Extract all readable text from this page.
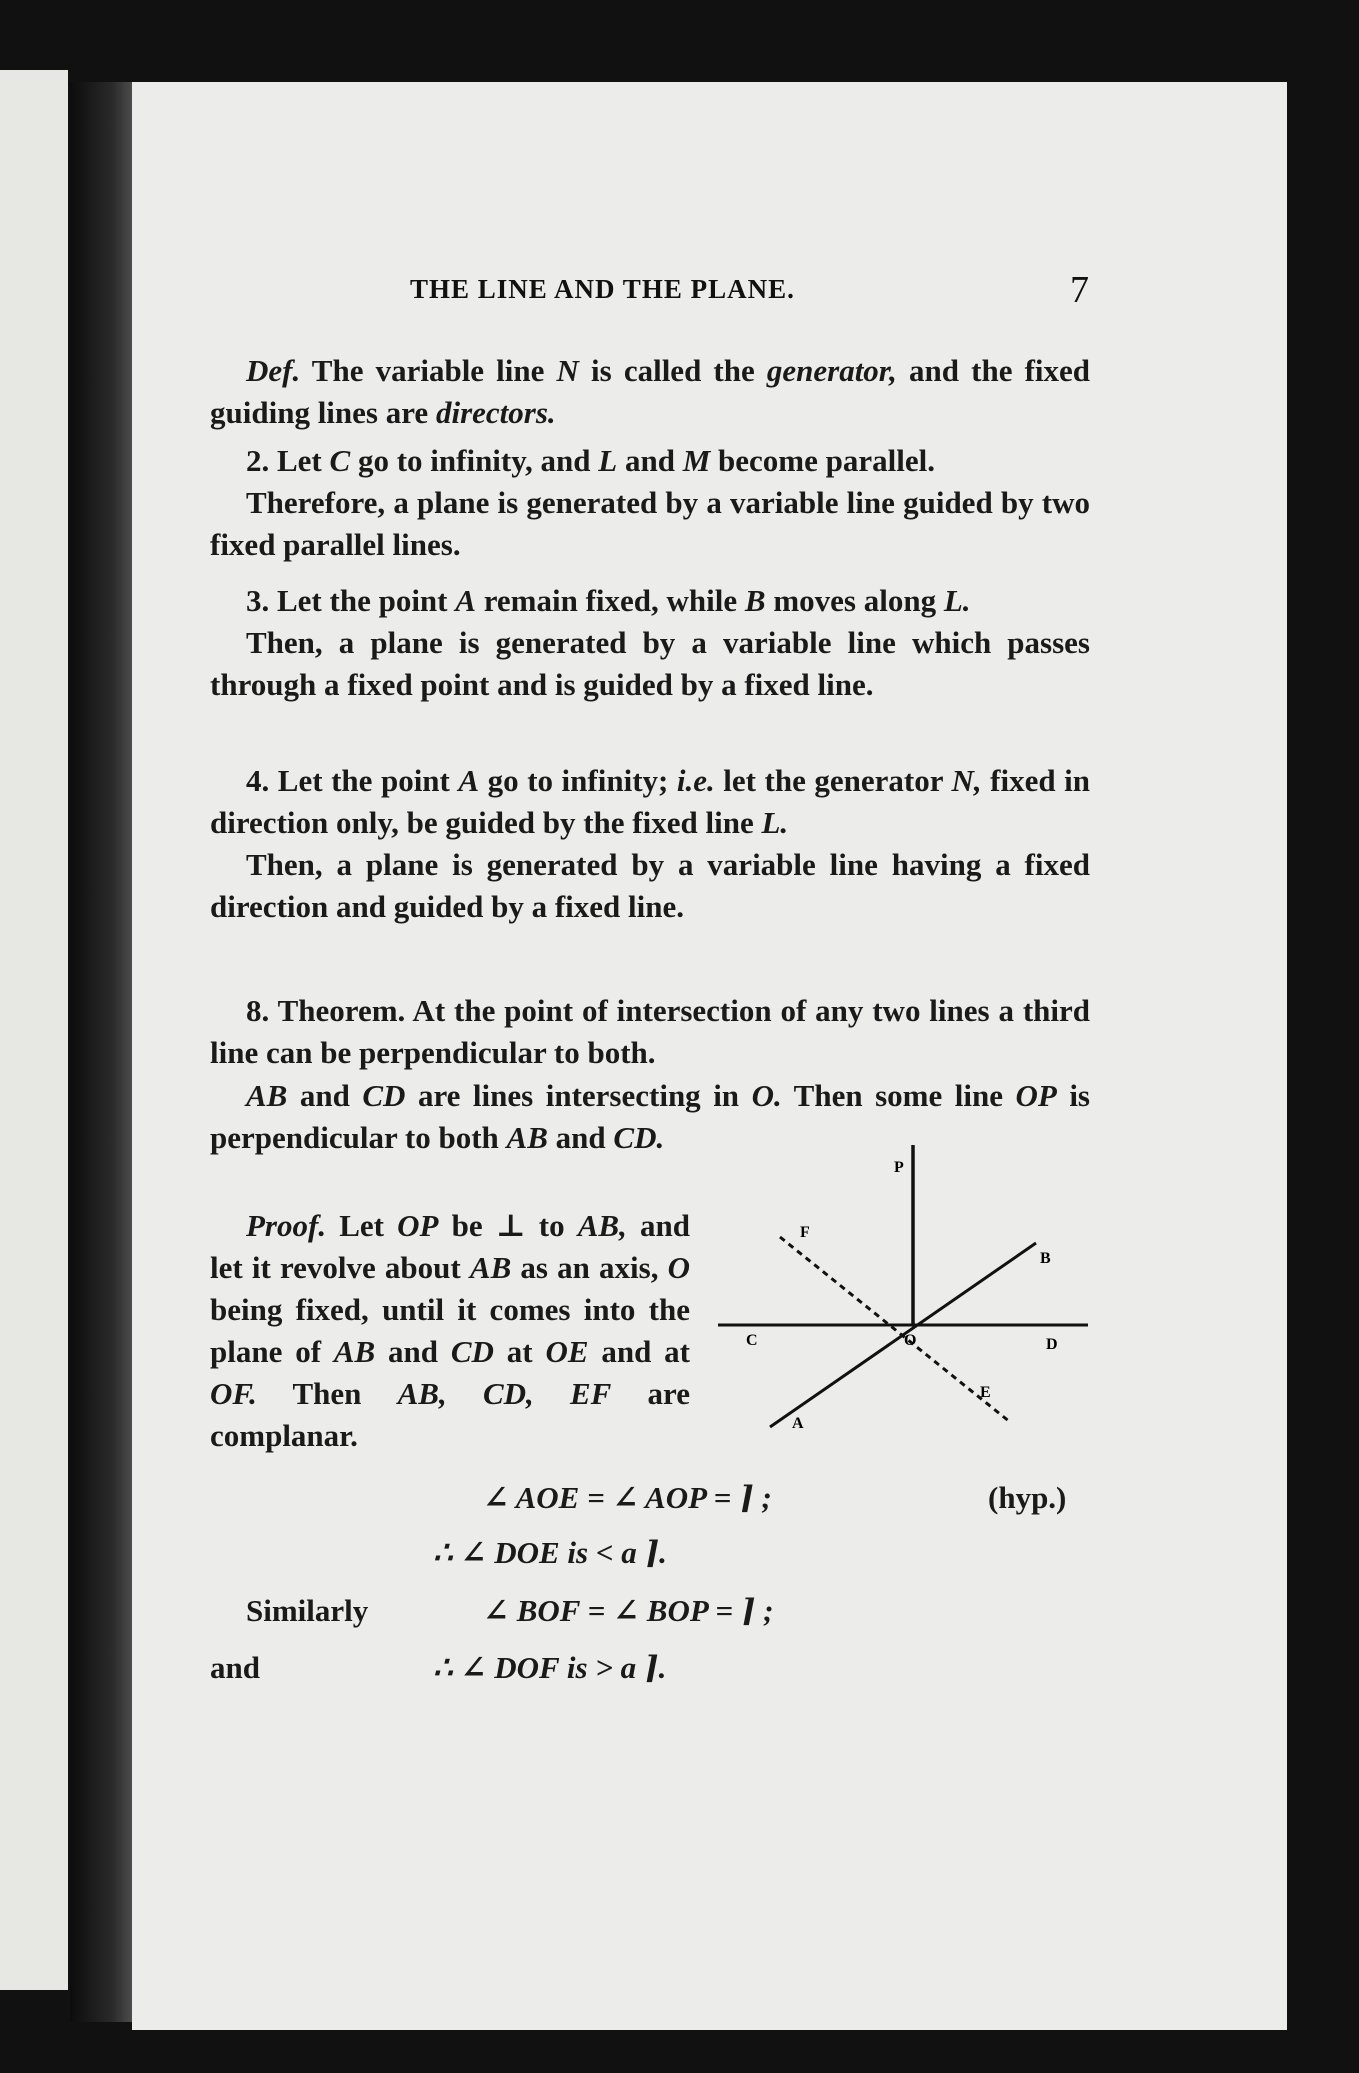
THE LINE AND THE PLANE.	7

Def. The variable line N is called the generator, and the fixed guiding lines are directors.

2. Let C go to infinity, and L and M become parallel.

Therefore, a plane is generated by a variable line guided by two fixed parallel lines.

3. Let the point A remain fixed, while B moves along L.

Then, a plane is generated by a variable line which passes through a fixed point and is guided by a fixed line.

4. Let the point A go to infinity; i.e. let the generator N, fixed in direction only, be guided by the fixed line L.

Then, a plane is generated by a variable line having a fixed direction and guided by a fixed line.

8. Theorem. At the point of intersection of any two lines a third line can be perpendicular to both.

AB and CD are lines intersecting in O. Then some line OP is perpendicular to both AB and CD.

Proof. Let OP be ⊥ to AB, and let it revolve about AB as an axis, O being fixed, until it comes into the plane of AB and CD at OE and at OF. Then AB, CD, EF are complanar.

P
F
B
C	O	D
E
A
∠ AOE = ∠ AOP = ⌉ ;	(hyp.)
∴ ∠ DOE is < a ⌉.
Similarly	∠ BOF = ∠ BOP = ⌉ ;
and	∴ ∠ DOF is > a ⌉.
